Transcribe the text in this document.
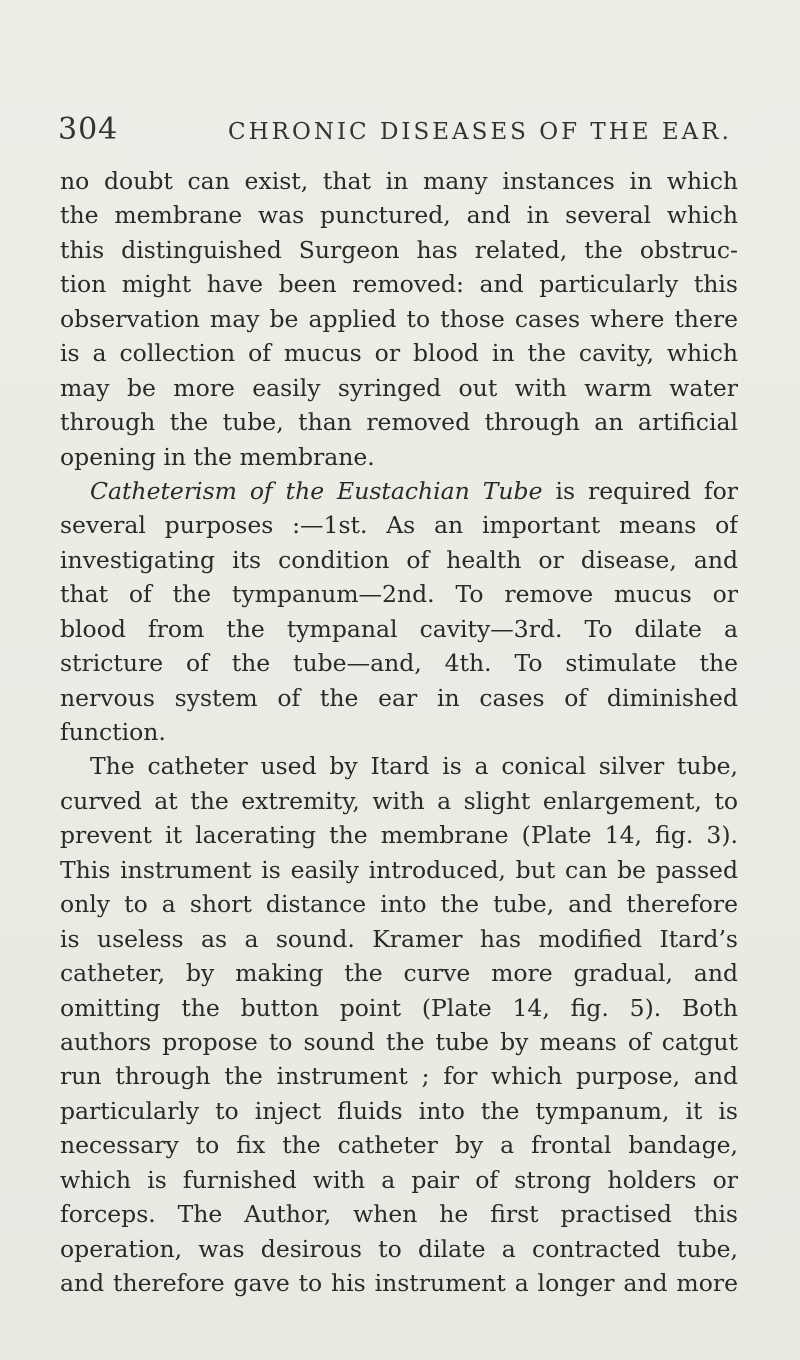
304	CHRONIC DISEASES OF THE EAR.
no doubt can exist, that in many instances in which
the membrane was punctured, and in several which
this distinguished Surgeon has related, the obstruc-
tion might have been removed: and particularly this
observation may be applied to those cases where there
is a collection of mucus or blood in the cavity, which
may be more easily syringed out with warm water
through the tube, than removed through an artificial
opening in the membrane.
Catheterism of the Eustachian Tube is required for
several purposes :—1st. As an important means of
investigating its condition of health or disease, and
that of the tympanum—2nd. To remove mucus or
blood from the tympanal cavity—3rd. To dilate a
stricture of the tube—and, 4th. To stimulate the
nervous system of the ear in cases of diminished
function.
The catheter used by Itard is a conical silver tube,
curved at the extremity, with a slight enlargement, to
prevent it lacerating the membrane (Plate 14, fig. 3).
This instrument is easily introduced, but can be passed
only to a short distance into the tube, and therefore
is useless as a sound. Kramer has modified Itard’s
catheter, by making the curve more gradual, and
omitting the button point (Plate 14, fig. 5). Both
authors propose to sound the tube by means of catgut
run through the instrument ; for which purpose, and
particularly to inject fluids into the tympanum, it is
necessary to fix the catheter by a frontal bandage,
which is furnished with a pair of strong holders or
forceps. The Author, when he first practised this
operation, was desirous to dilate a contracted tube,
and therefore gave to his instrument a longer and more
